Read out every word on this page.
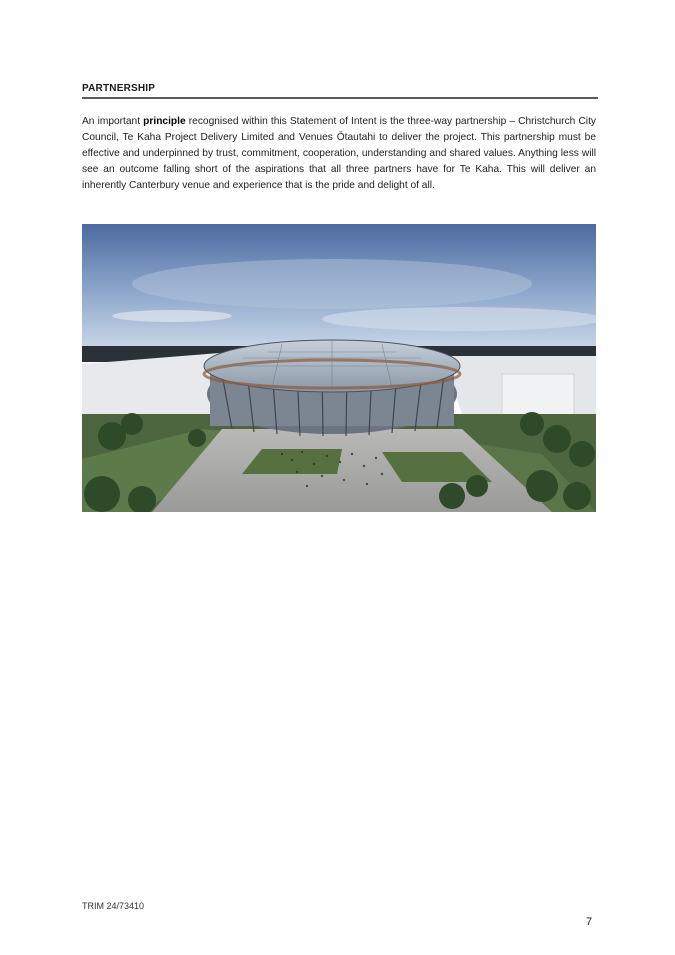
PARTNERSHIP

An important principle recognised within this Statement of Intent is the three-way partnership – Christchurch City Council, Te Kaha Project Delivery Limited and Venues Ōtautahi to deliver the project. This partnership must be effective and underpinned by trust, commitment, cooperation, understanding and shared values. Anything less will see an outcome falling short of the aspirations that all three partners have for Te Kaha. This will deliver an inherently Canterbury venue and experience that is the pride and delight of all.

TRIM 24/73410
7
